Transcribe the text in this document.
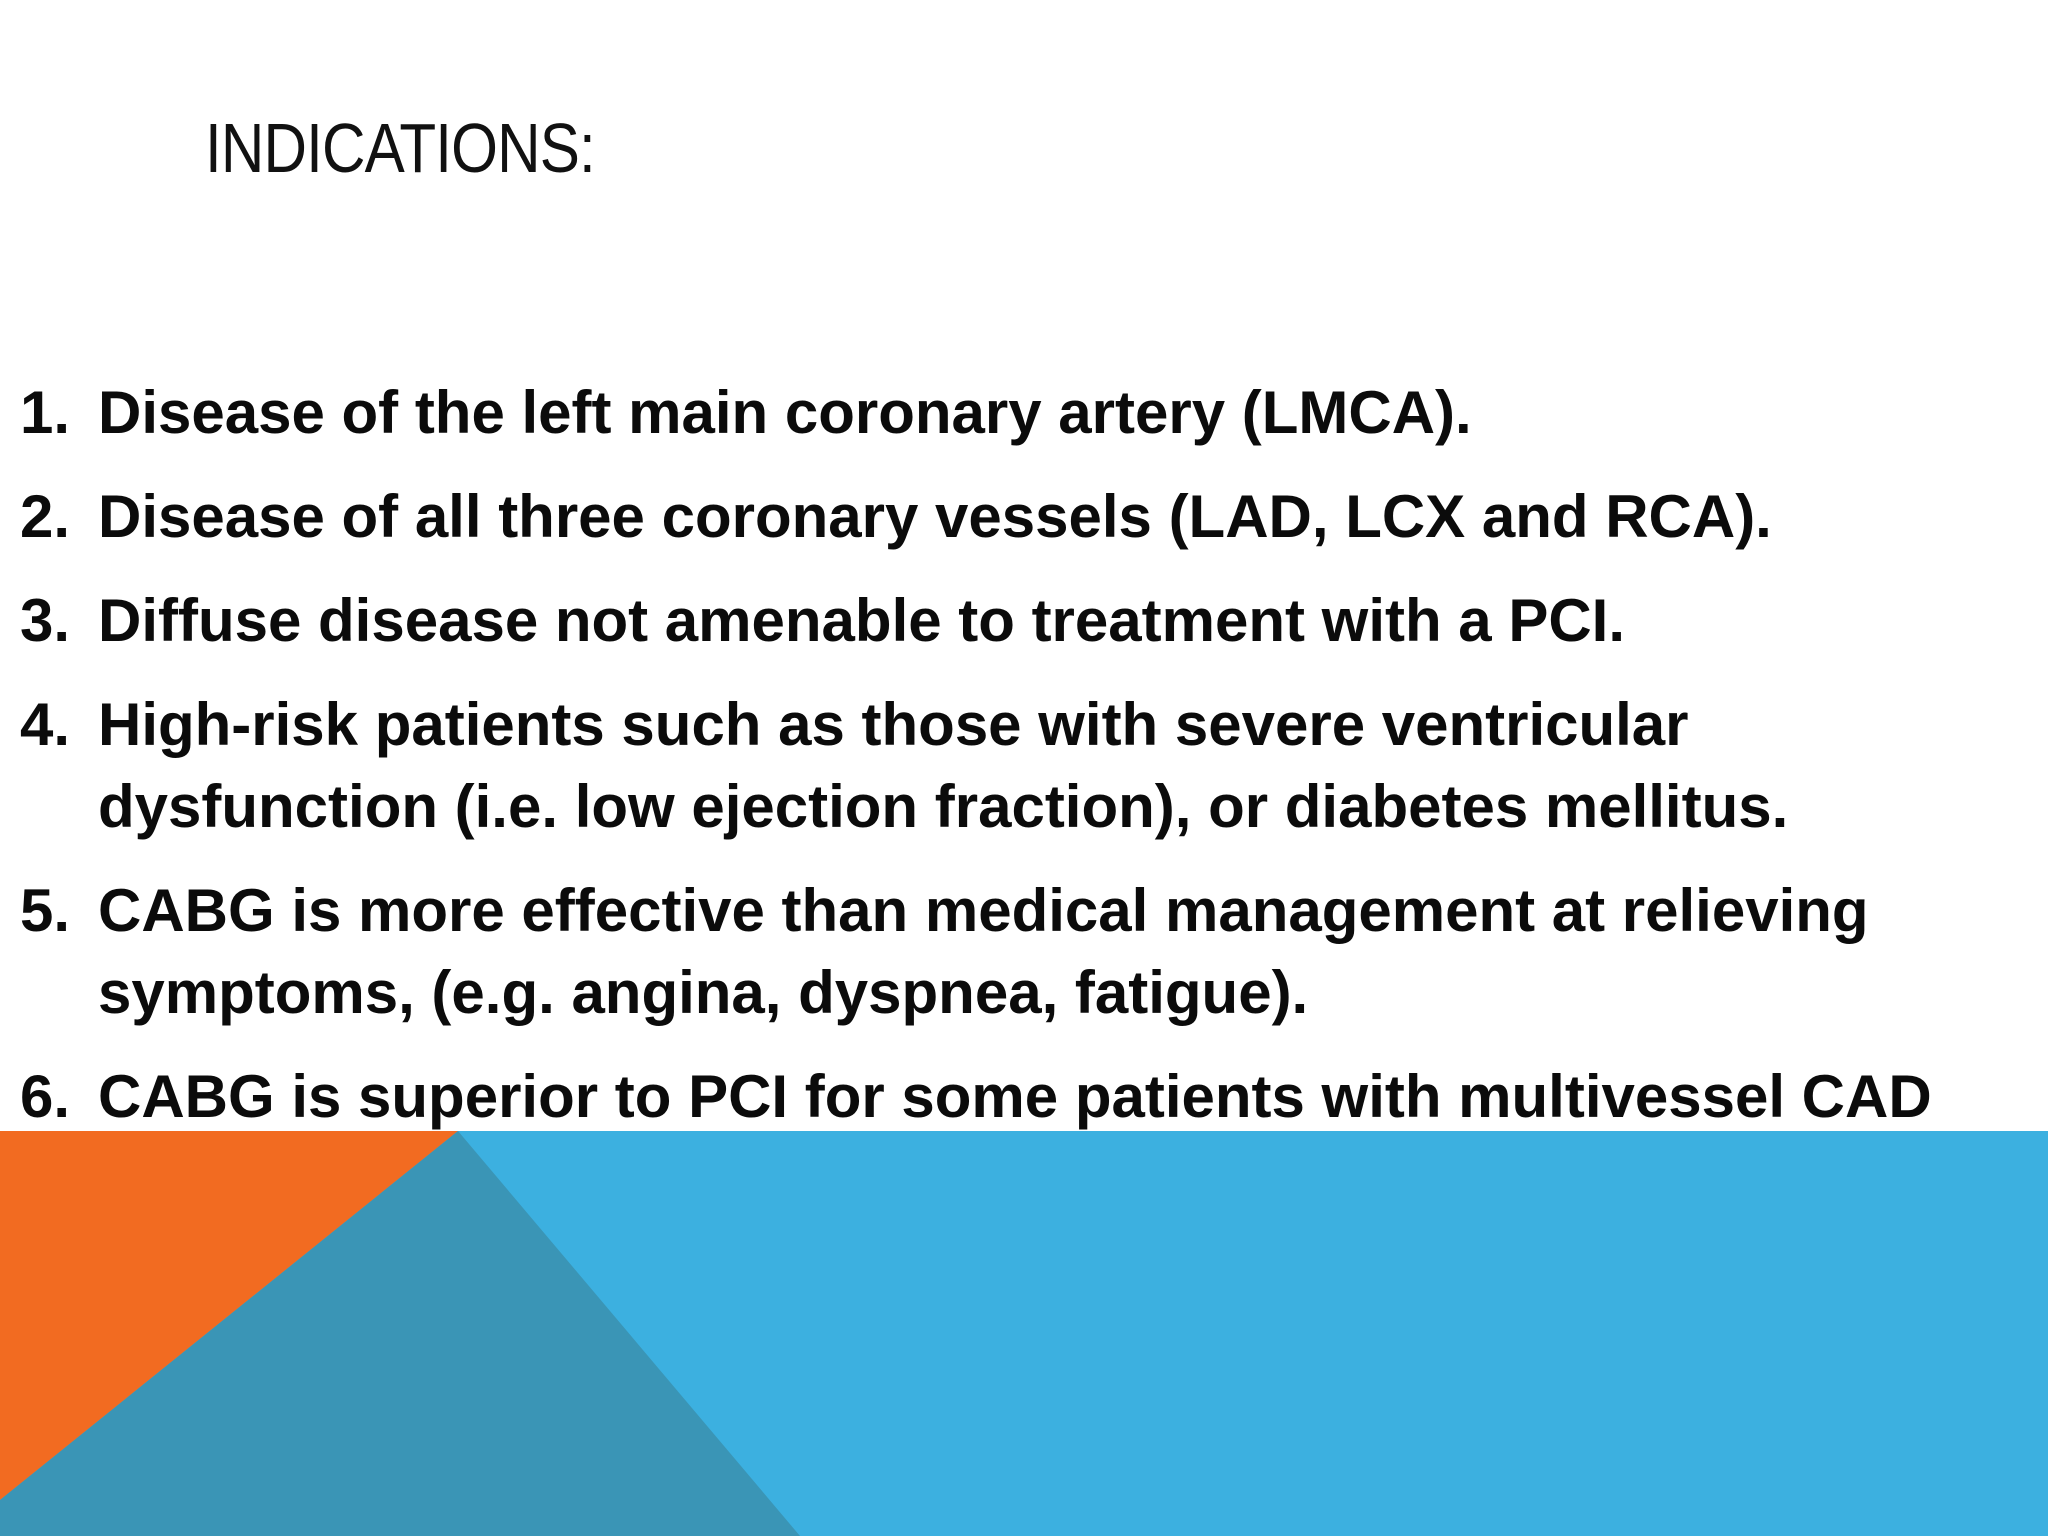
INDICATIONS:
1. Disease of the left main coronary artery (LMCA).
2. Disease of all three coronary vessels (LAD, LCX and RCA).
3. Diffuse disease not amenable to treatment with a PCI.
4. High-risk patients such as those with severe ventricular dysfunction (i.e. low ejection fraction), or diabetes mellitus.
5. CABG is more effective than medical management at relieving symptoms, (e.g. angina, dyspnea, fatigue).
6. CABG is superior to PCI for some patients with multivessel CAD
